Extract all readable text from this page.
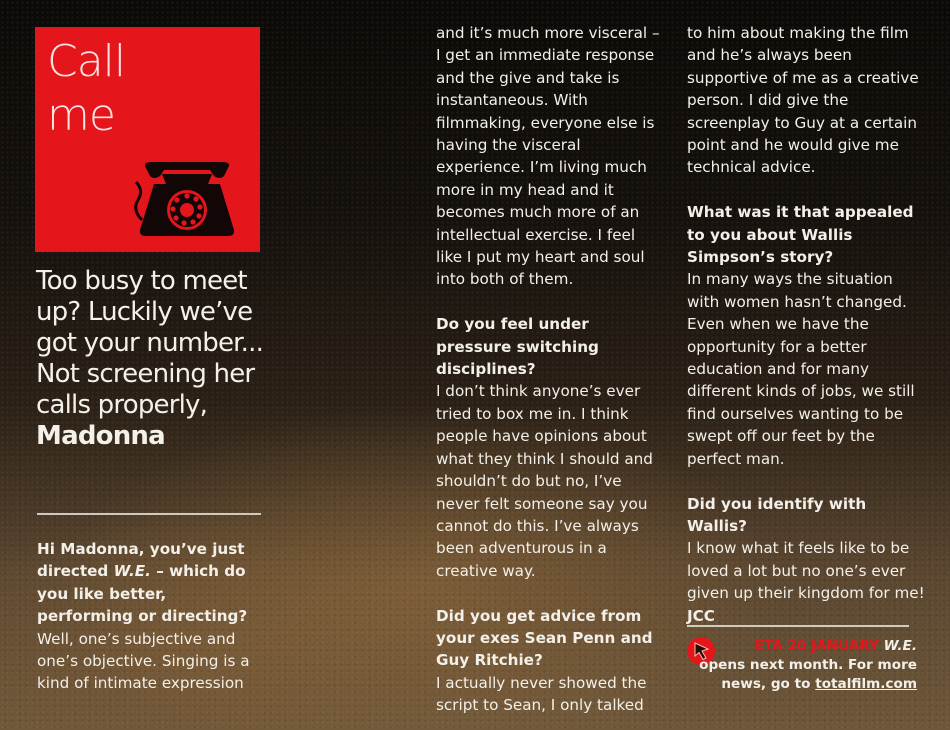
Call
me
Too busy to meet up? Luckily we’ve got your number... Not screening her calls properly,
Madonna

Hi Madonna, you’ve just directed W.E. – which do you like better, performing or directing?

Well, one’s subjective and one’s objective. Singing is a kind of intimate expression

and it’s much more visceral – I get an immediate response and the give and take is instantaneous. With filmmaking, everyone else is having the visceral experience. I’m living much more in my head and it becomes much more of an intellectual exercise. I feel like I put my heart and soul into both of them.

Do you feel under pressure switching disciplines?

I don’t think anyone’s ever tried to box me in. I think people have opinions about what they think I should and shouldn’t do but no, I’ve never felt someone say you cannot do this. I’ve always been adventurous in a creative way.

Did you get advice from your exes Sean Penn and Guy Ritchie?

I actually never showed the script to Sean, I only talked

to him about making the film and he’s always been supportive of me as a creative person. I did give the screenplay to Guy at a certain point and he would give me technical advice.

What was it that appealed to you about Wallis Simpson’s story?

In many ways the situation with women hasn’t changed. Even when we have the opportunity for a better education and for many different kinds of jobs, we still find ourselves wanting to be swept off our feet by the perfect man.

Did you identify with Wallis?

I know what it feels like to be loved a lot but no one’s ever given up their kingdom for me! JCC

ETA 20 JANUARY W.E.
opens next month. For more news, go to totalfilm.com
